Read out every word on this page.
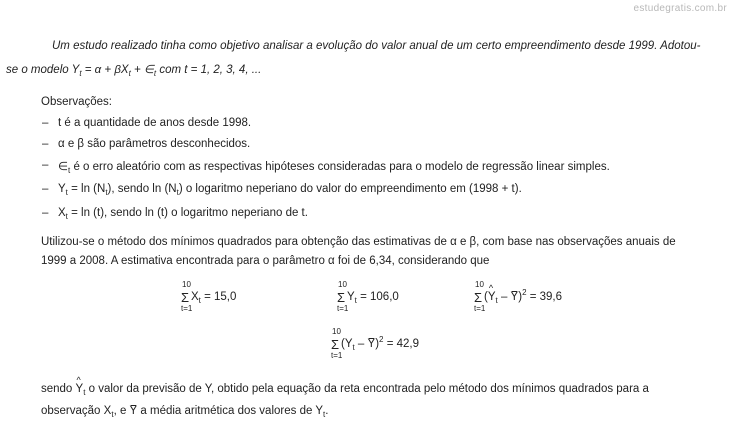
estudegratis.com.br
Um estudo realizado tinha como objetivo analisar a evolução do valor anual de um certo empreendimento desde 1999. Adotou-
se o modelo $Y_t = \alpha + \beta X_t$ + $\in_t$ com t = 1, 2, 3, 4, ...
Observações:
– t é a quantidade de anos desde 1998.
– α e β são parâmetros desconhecidos.
– $\in_t$ é o erro aleatório com as respectivas hipóteses consideradas para o modelo de regressão linear simples.
– $Y_t = \ln (N_t)$, sendo $\ln (N_t)$ o logaritmo neperiano do valor do empreendimento em (1998 + t).
– $X_t = \ln (t)$, sendo ln (t) o logaritmo neperiano de t.
Utilizou-se o método dos mínimos quadrados para obtenção das estimativas de α e β, com base nas observações anuais de
1999 a 2008. A estimativa encontrada para o parâmetro α foi de 6,34, considerando que
10
Σ
t=1
$X_t = 15,0$
10
Σ
t=1
$Y_t = 106,0$
10
Σ
t=1
(^ $Y_t - Y)^2 = 39,6$
10
Σ
t=1
$(Y_t - Y)^2 = 42,9$
sendo ^ $Y_t$ o valor da previsão de Y, obtido pela equação da reta encontrada pelo método dos mínimos quadrados para a
observação $X_t$, e Y a média aritmética dos valores de $Y_t$.
